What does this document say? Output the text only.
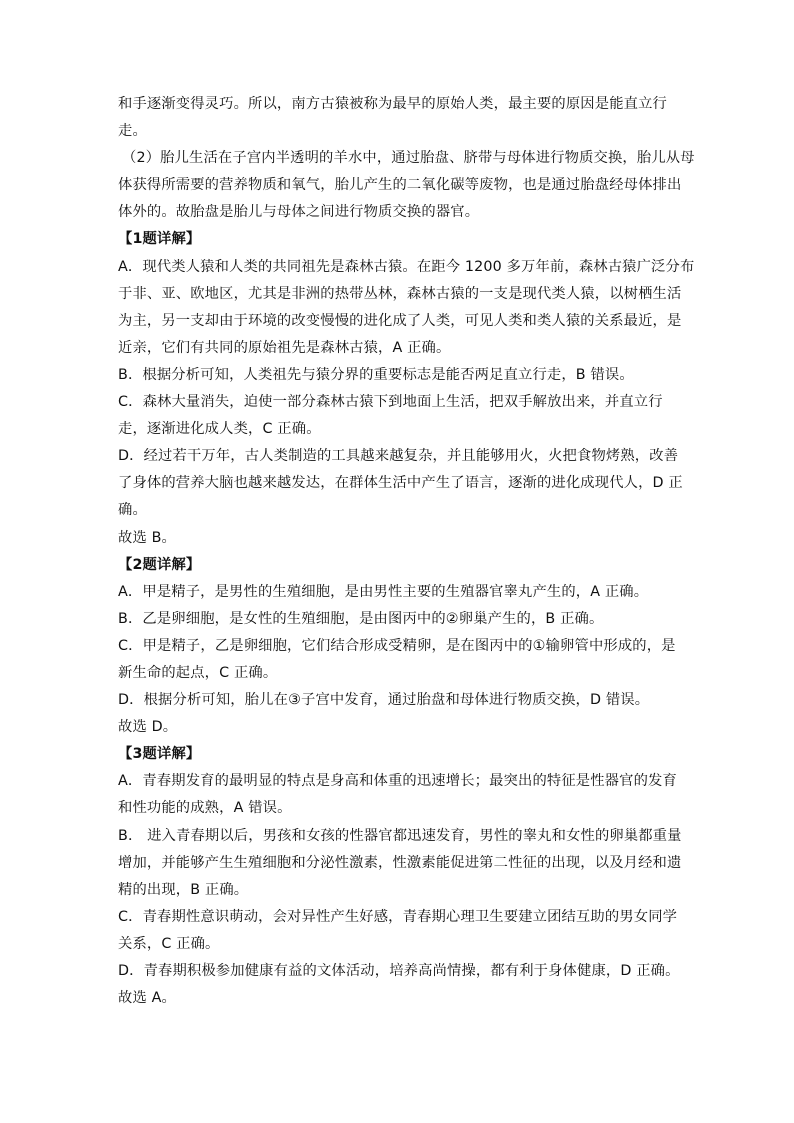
和手逐渐变得灵巧。所以，南方古猿被称为最早的原始人类，最主要的原因是能直立行
走。
（2）胎儿生活在子宫内半透明的羊水中，通过胎盘、脐带与母体进行物质交换，胎儿从母
体获得所需要的营养物质和氧气，胎儿产生的二氧化碳等废物，也是通过胎盘经母体排出
体外的。故胎盘是胎儿与母体之间进行物质交换的器官。
【1题详解】
A．现代类人猿和人类的共同祖先是森林古猿。在距今 1200 多万年前，森林古猿广泛分布
于非、亚、欧地区，尤其是非洲的热带丛林，森林古猿的一支是现代类人猿，以树栖生活
为主，另一支却由于环境的改变慢慢的进化成了人类，可见人类和类人猿的关系最近，是
近亲，它们有共同的原始祖先是森林古猿，A 正确。
B．根据分析可知，人类祖先与猿分界的重要标志是能否两足直立行走，B 错误。
C．森林大量消失，迫使一部分森林古猿下到地面上生活，把双手解放出来，并直立行
走，逐渐进化成人类，C 正确。
D．经过若干万年，古人类制造的工具越来越复杂，并且能够用火，火把食物烤熟，改善
了身体的营养大脑也越来越发达，在群体生活中产生了语言，逐渐的进化成现代人，D 正
确。
故选 B。
【2题详解】
A．甲是精子，是男性的生殖细胞，是由男性主要的生殖器官睾丸产生的，A 正确。
B．乙是卵细胞，是女性的生殖细胞，是由图丙中的②卵巢产生的，B 正确。
C．甲是精子，乙是卵细胞，它们结合形成受精卵，是在图丙中的①输卵管中形成的，是
新生命的起点，C 正确。
D．根据分析可知，胎儿在③子宫中发育，通过胎盘和母体进行物质交换，D 错误。
故选 D。
【3题详解】
A．青春期发育的最明显的特点是身高和体重的迅速增长；最突出的特征是性器官的发育
和性功能的成熟，A 错误。
B． 进入青春期以后，男孩和女孩的性器官都迅速发育，男性的睾丸和女性的卵巢都重量
增加，并能够产生生殖细胞和分泌性激素，性激素能促进第二性征的出现，以及月经和遗
精的出现，B 正确。
C．青春期性意识萌动，会对异性产生好感，青春期心理卫生要建立团结互助的男女同学
关系，C 正确。
D．青春期积极参加健康有益的文体活动，培养高尚情操，都有利于身体健康，D 正确。
故选 A。
